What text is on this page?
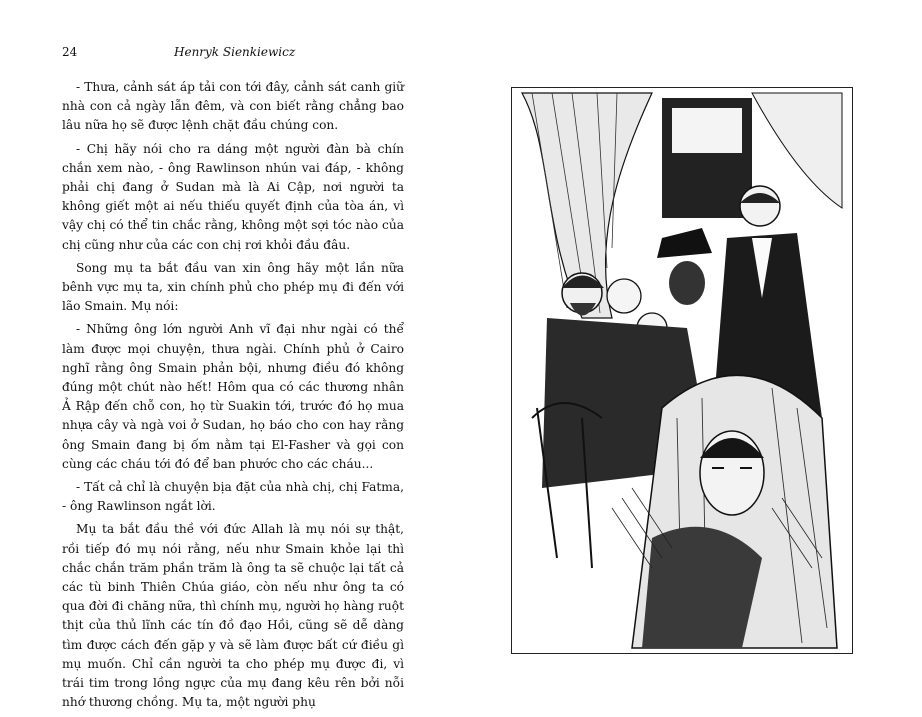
24	Henryk Sienkiewicz

- Thưa, cảnh sát áp tải con tới đây, cảnh sát canh giữ nhà con cả ngày lẫn đêm, và con biết rằng chẳng bao lâu nữa họ sẽ được lệnh chặt đầu chúng con.

- Chị hãy nói cho ra dáng một người đàn bà chín chắn xem nào, - ông Rawlinson nhún vai đáp, - không phải chị đang ở Sudan mà là Ai Cập, nơi người ta không giết một ai nếu thiếu quyết định của tòa án, vì vậy chị có thể tin chắc rằng, không một sợi tóc nào của chị cũng như của các con chị rơi khỏi đầu đâu.

Song mụ ta bắt đầu van xin ông hãy một lần nữa bênh vực mụ ta, xin chính phủ cho phép mụ đi đến với lão Smain. Mụ nói:

- Những ông lớn người Anh vĩ đại như ngài có thể làm được mọi chuyện, thưa ngài. Chính phủ ở Cairo nghĩ rằng ông Smain phản bội, nhưng điều đó không đúng một chút nào hết! Hôm qua có các thương nhân Ả Rập đến chỗ con, họ từ Suakin tới, trước đó họ mua nhựa cây và ngà voi ở Sudan, họ báo cho con hay rằng ông Smain đang bị ốm nằm tại El-Fasher và gọi con cùng các cháu tới đó để ban phước cho các cháu...

- Tất cả chỉ là chuyện bịa đặt của nhà chị, chị Fatma, - ông Rawlinson ngắt lời.

Mụ ta bắt đầu thề với đức Allah là mụ nói sự thật, rồi tiếp đó mụ nói rằng, nếu như Smain khỏe lại thì chắc chắn trăm phần trăm là ông ta sẽ chuộc lại tất cả các tù binh Thiên Chúa giáo, còn nếu như ông ta có qua đời đi chăng nữa, thì chính mụ, người họ hàng ruột thịt của thủ lĩnh các tín đồ đạo Hồi, cũng sẽ dễ dàng tìm được cách đến gặp y và sẽ làm được bất cứ điều gì mụ muốn. Chỉ cần người ta cho phép mụ được đi, vì trái tim trong lồng ngực của mụ đang kêu rên bởi nỗi nhớ thương chồng. Mụ ta, một người phụ
